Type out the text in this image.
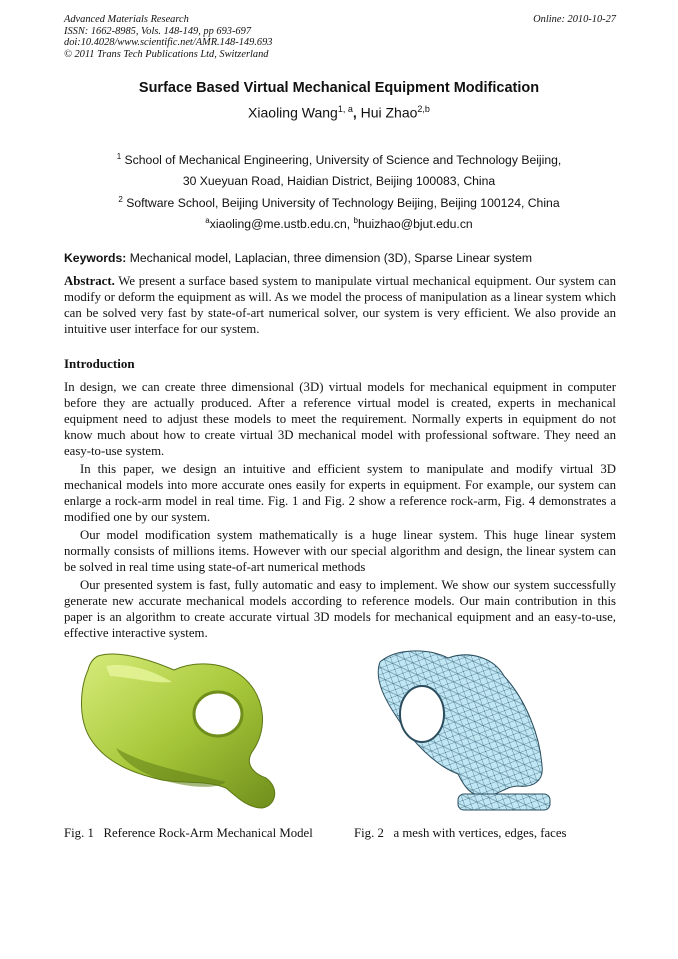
Advanced Materials Research
ISSN: 1662-8985, Vols. 148-149, pp 693-697
doi:10.4028/www.scientific.net/AMR.148-149.693
© 2011 Trans Tech Publications Ltd, Switzerland
Online: 2010-10-27
Surface Based Virtual Mechanical Equipment Modification
Xiaoling Wang$^{1, a}$, Hui Zhao$^{2,b}$
$^1$ School of Mechanical Engineering, University of Science and Technology Beijing,
30 Xueyuan Road, Haidian District, Beijing 100083, China
$^2$ Software School, Beijing University of Technology Beijing, Beijing 100124, China
$^a$xiaoling@me.ustb.edu.cn, $^b$huizhao@bjut.edu.cn
Keywords: Mechanical model, Laplacian, three dimension (3D), Sparse Linear system
Abstract. We present a surface based system to manipulate virtual mechanical equipment. Our system can modify or deform the equipment as will. As we model the process of manipulation as a linear system which can be solved very fast by state-of-art numerical solver, our system is very efficient. We also provide an intuitive user interface for our system.
Introduction
In design, we can create three dimensional (3D) virtual models for mechanical equipment in computer before they are actually produced. After a reference virtual model is created, experts in mechanical equipment need to adjust these models to meet the requirement. Normally experts in equipment do not know much about how to create virtual 3D mechanical model with professional software. They need an easy-to-use system.
In this paper, we design an intuitive and efficient system to manipulate and modify virtual 3D mechanical models into more accurate ones easily for experts in equipment. For example, our system can enlarge a rock-arm model in real time. Fig. 1 and Fig. 2 show a reference rock-arm, Fig. 4 demonstrates a modified one by our system.
Our model modification system mathematically is a huge linear system. This huge linear system normally consists of millions items. However with our special algorithm and design, the linear system can be solved in real time using state-of-art numerical methods
Our presented system is fast, fully automatic and easy to implement. We show our system successfully generate new accurate mechanical models according to reference models. Our main contribution in this paper is an algorithm to create accurate virtual 3D models for mechanical equipment and an easy-to-use, effective interactive system.
Fig. 1   Reference Rock-Arm Mechanical Model	Fig. 2   a mesh with vertices, edges, faces
